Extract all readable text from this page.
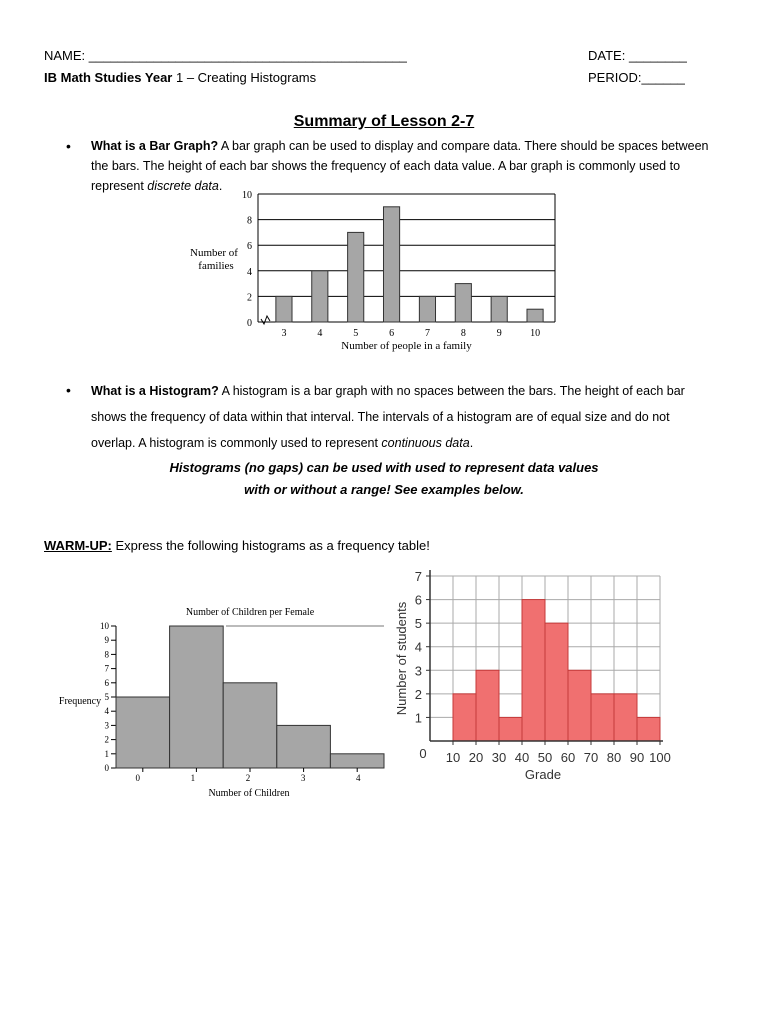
NAME: ____________________________________________	DATE: ________
IB Math Studies Year 1 – Creating Histograms	PERIOD:______
Summary of Lesson 2-7
• What is a Bar Graph? A bar graph can be used to display and compare data. There should be spaces between
the bars. The height of each bar shows the frequency of each data value. A bar graph is commonly used to
represent discrete data.
0
2
4
6
8
10
3	4	5	6	7	8	9	10
Number of people in a family
Number of
families
• What is a Histogram? A histogram is a bar graph with no spaces between the bars. The height of each bar
shows the frequency of data within that interval. The intervals of a histogram are of equal size and do not
overlap. A histogram is commonly used to represent continuous data.
Histograms (no gaps) can be used with used to represent data values
with or without a range! See examples below.
WARM-UP: Express the following histograms as a frequency table!
Number of Children per Female
0
1
2
3
4
5
6
7
8
9
10
0	1	2	3	4
Number of Children
Frequency
1
2
3
4
5
6
7
0 10 20 30 40 50 60 70 80 90 100
Grade
Number of students
